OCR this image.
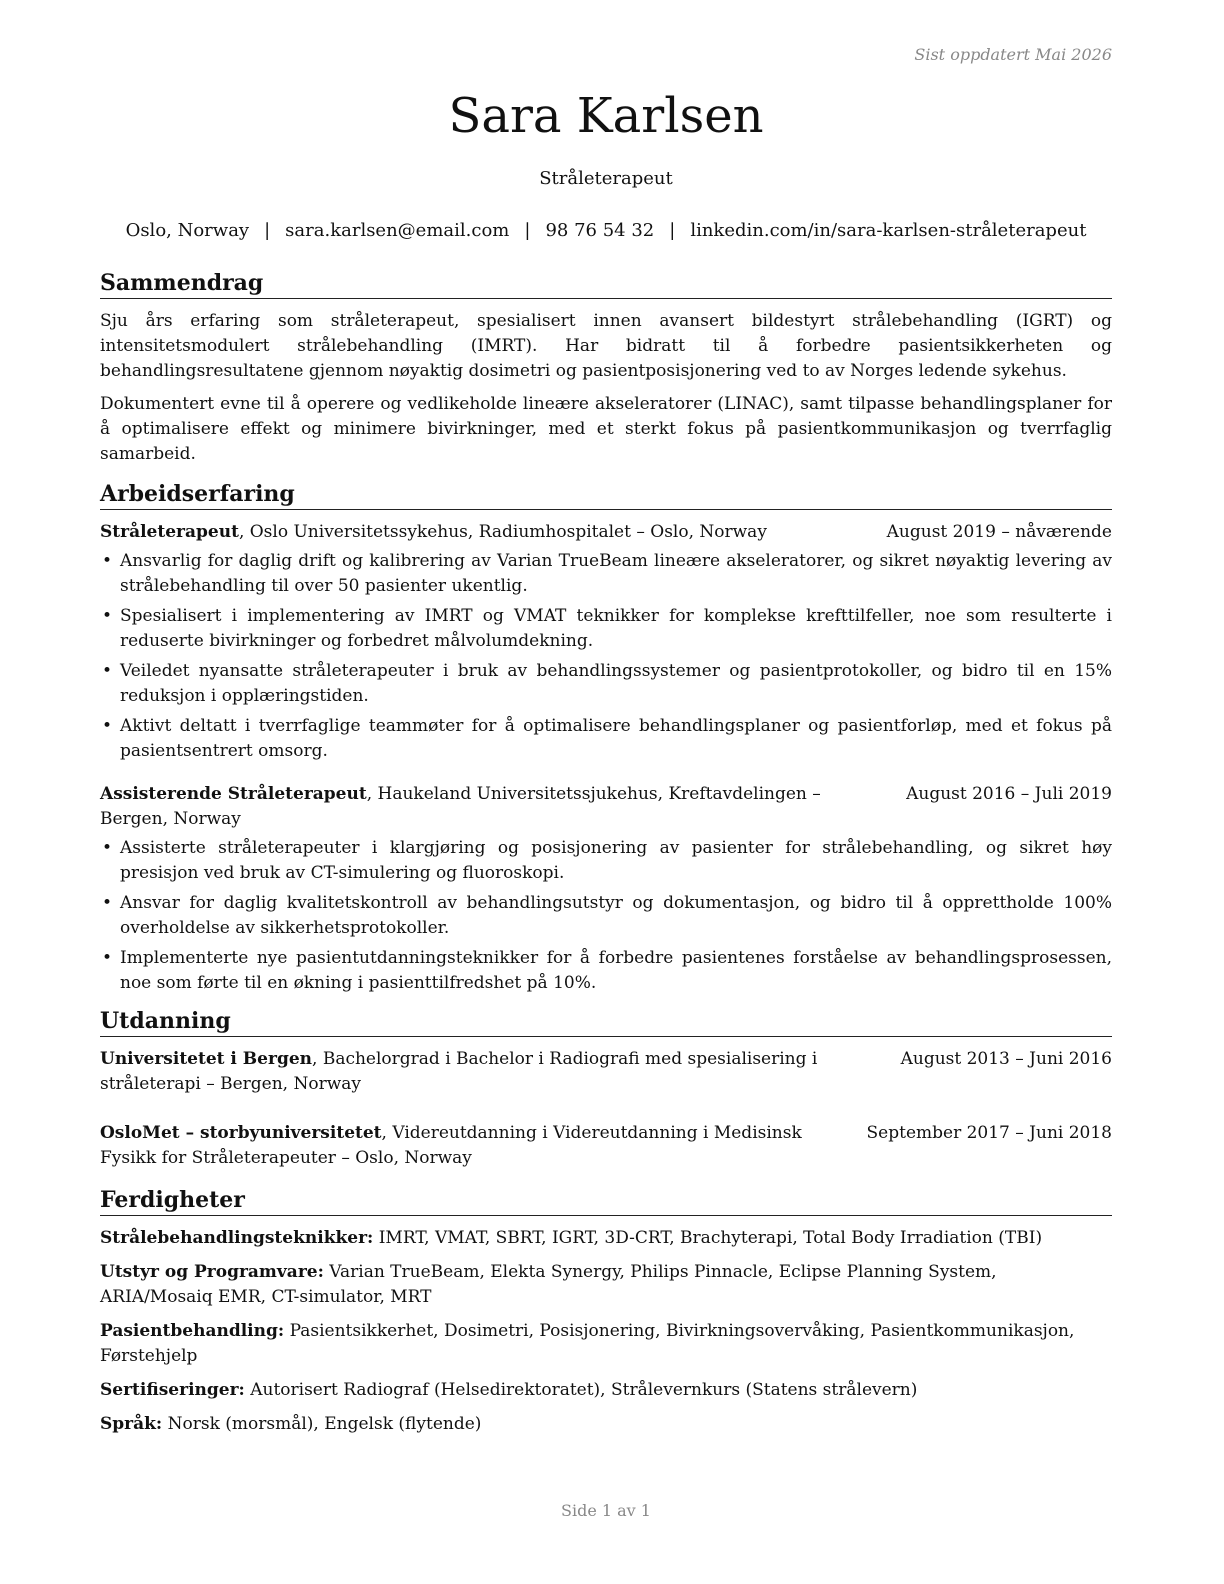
Sist oppdatert Mai 2026
Sara Karlsen
Stråleterapeut
Oslo, Norway | sara.karlsen@email.com | 98 76 54 32 | linkedin.com/in/sara-karlsen-stråleterapeut
Sammendrag

Sju års erfaring som stråleterapeut, spesialisert innen avansert bildestyrt strålebehandling (IGRT) og intensitetsmodulert strålebehandling (IMRT). Har bidratt til å forbedre pasientsikkerheten og behandlingsresultatene gjennom nøyaktig dosimetri og pasientposisjonering ved to av Norges ledende sykehus.

Dokumentert evne til å operere og vedlikeholde lineære akseleratorer (LINAC), samt tilpasse behandlingsplaner for å optimalisere effekt og minimere bivirkninger, med et sterkt fokus på pasientkommunikasjon og tverrfaglig samarbeid.

Arbeidserfaring
Stråleterapeut, Oslo Universitetssykehus, Radiumhospitalet – Oslo, Norway	August 2019 – nåværende
• Ansvarlig for daglig drift og kalibrering av Varian TrueBeam lineære akseleratorer, og sikret nøyaktig levering av strålebehandling til over 50 pasienter ukentlig.
• Spesialisert i implementering av IMRT og VMAT teknikker for komplekse krefttilfeller, noe som resulterte i reduserte bivirkninger og forbedret målvolumdekning.
• Veiledet nyansatte stråleterapeuter i bruk av behandlingssystemer og pasientprotokoller, og bidro til en 15% reduksjon i opplæringstiden.
• Aktivt deltatt i tverrfaglige teammøter for å optimalisere behandlingsplaner og pasientforløp, med et fokus på pasientsentrert omsorg.
Assisterende Stråleterapeut, Haukeland Universitetssjukehus, Kreftavdelingen – Bergen, Norway
August 2016 – Juli 2019
• Assisterte stråleterapeuter i klargjøring og posisjonering av pasienter for strålebehandling, og sikret høy presisjon ved bruk av CT-simulering og fluoroskopi.
• Ansvar for daglig kvalitetskontroll av behandlingsutstyr og dokumentasjon, og bidro til å opprettholde 100% overholdelse av sikkerhetsprotokoller.
• Implementerte nye pasientutdanningsteknikker for å forbedre pasientenes forståelse av behandlingsprosessen, noe som førte til en økning i pasienttilfredshet på 10%.
Utdanning
Universitetet i Bergen, Bachelorgrad i Bachelor i Radiografi med spesialisering i stråleterapi – Bergen, Norway
August 2013 – Juni 2016
OsloMet – storbyuniversitetet, Videreutdanning i Videreutdanning i Medisinsk Fysikk for Stråleterapeuter – Oslo, Norway
September 2017 – Juni 2018
Ferdigheter
Strålebehandlingsteknikker: IMRT, VMAT, SBRT, IGRT, 3D-CRT, Brachyterapi, Total Body Irradiation (TBI)
Utstyr og Programvare: Varian TrueBeam, Elekta Synergy, Philips Pinnacle, Eclipse Planning System, ARIA/Mosaiq EMR, CT-simulator, MRT
Pasientbehandling: Pasientsikkerhet, Dosimetri, Posisjonering, Bivirkningsovervåking, Pasientkommunikasjon, Førstehjelp
Sertifiseringer: Autorisert Radiograf (Helsedirektoratet), Strålevernkurs (Statens strålevern)
Språk: Norsk (morsmål), Engelsk (flytende)
Side 1 av 1
